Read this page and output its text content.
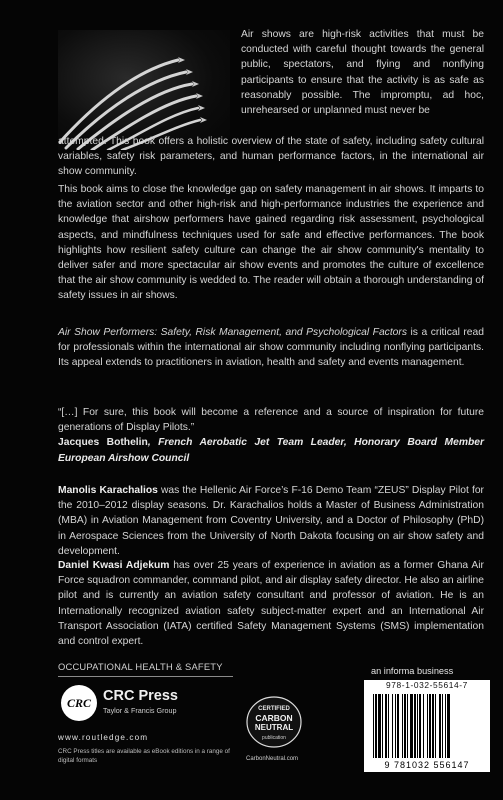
Air shows are high-risk activities that must be conducted with careful thought towards the general public, spectators, and flying and nonflying participants to ensure that the activity is as safe as reasonably possible. The impromptu, ad hoc, unrehearsed or unplanned must never be

attempted. This book offers a holistic overview of the state of safety, including safety cultural variables, safety risk parameters, and human performance factors, in the international air show community.

This book aims to close the knowledge gap on safety management in air shows. It imparts to the aviation sector and other high-risk and high-performance industries the experience and knowledge that airshow performers have gained regarding risk assessment, psychological aspects, and mindfulness techniques used for safe and effective performances. The book highlights how resilient safety culture can change the air show community's mentality to deliver safer and more spectacular air show events and promotes the culture of excellence that the air show community is wedded to. The reader will obtain a thorough understanding of safety issues in air shows.

Air Show Performers: Safety, Risk Management, and Psychological Factors is a critical read for professionals within the international air show community including nonflying participants. Its appeal extends to practitioners in aviation, health and safety and events management.

“[…] For sure, this book will become a reference and a source of inspiration for future generations of Display Pilots.”
Jacques Bothelin, French Aerobatic Jet Team Leader, Honorary Board Member European Airshow Council

Manolis Karachalios was the Hellenic Air Force’s F-16 Demo Team “ZEUS” Display Pilot for the 2010–2012 display seasons. Dr. Karachalios holds a Master of Business Administration (MBA) in Aviation Management from Coventry University, and a Doctor of Philosophy (PhD) in Aerospace Sciences from the University of North Dakota focusing on air show safety and development.

Daniel Kwasi Adjekum has over 25 years of experience in aviation as a former Ghana Air Force squadron commander, command pilot, and air display safety director. He also an airline pilot and is currently an aviation safety consultant and professor of aviation. He is an Internationally recognized aviation safety subject-matter expert and an International Air Transport Association (IATA) certified Safety Management Systems (SMS) implementation and control expert.

OCCUPATIONAL HEALTH & SAFETY
CRC CRC Press
Taylor & Francis Group
www.routledge.com
CRC Press titles are available as eBook editions in a range of digital formats
CERTIFIED
CARBON
NEUTRAL
publication
CarbonNeutral.com
an informa business
978-1-032-55614-7
9 781032 556147
